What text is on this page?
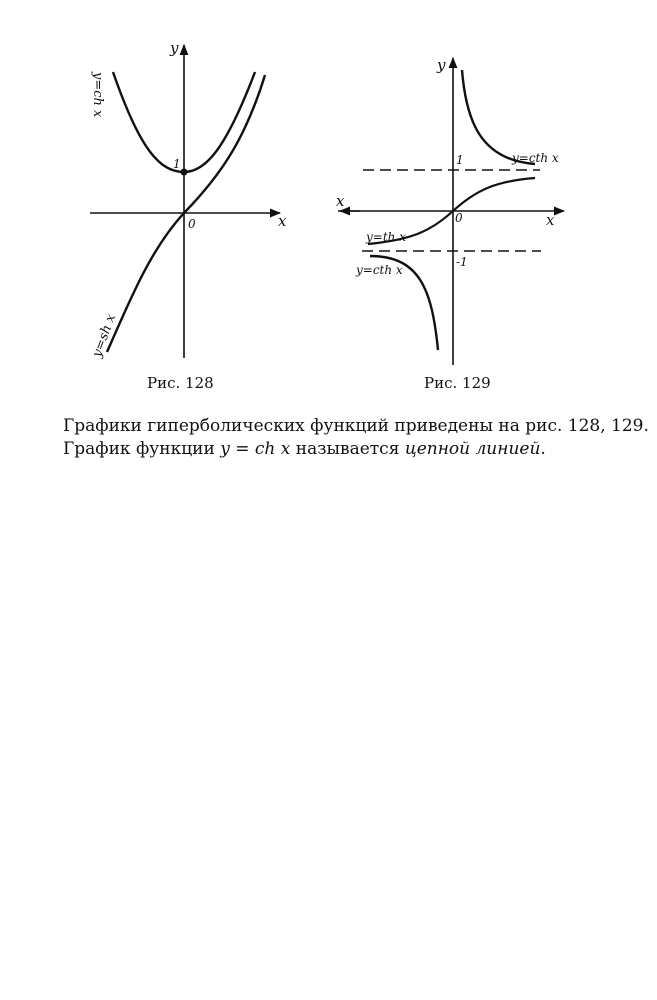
y
x
0
1
y=ch x
y=sh x
y
x
x
0
1
-1
y=cth x
y=th x
y=cth x
Рис. 128	Рис. 129
Графики гиперболических функций приведены на рис. 128, 129.
График функции y = ch x называется цепной линией.
